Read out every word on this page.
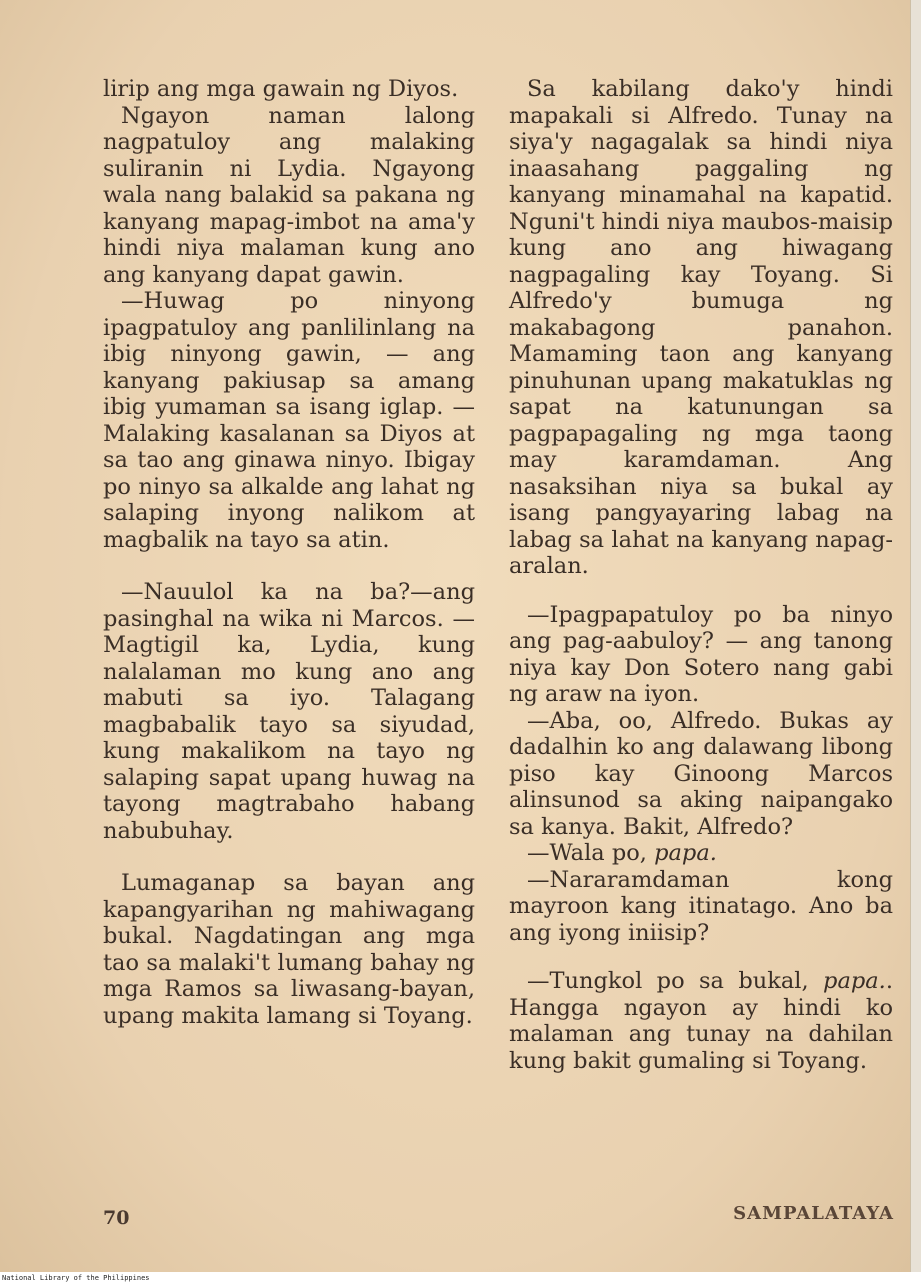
lirip ang mga gawain ng Diyos.

Ngayon naman lalong nagpatuloy ang malaking suliranin ni Lydia. Ngayong wala nang balakid sa pakana ng kanyang mapag-imbot na ama'y hindi niya malaman kung ano ang kanyang dapat gawin.

—Huwag po ninyong ipagpatuloy ang panlilinlang na ibig ninyong gawin, — ang kanyang pakiusap sa amang ibig yumaman sa isang iglap. —Malaking kasalanan sa Diyos at sa tao ang ginawa ninyo. Ibigay po ninyo sa alkalde ang lahat ng salaping inyong nalikom at magbalik na tayo sa atin.

—Nauulol ka na ba?—ang pasinghal na wika ni Marcos. —Magtigil ka, Lydia, kung nalalaman mo kung ano ang mabuti sa iyo. Talagang magbabalik tayo sa siyudad, kung makalikom na tayo ng salaping sapat upang huwag na tayong magtrabaho habang nabubuhay.

Lumaganap sa bayan ang kapangyarihan ng mahiwagang bukal. Nagdatingan ang mga tao sa malaki't lumang bahay ng mga Ramos sa liwasang-bayan, upang makita lamang si Toyang.

Sa kabilang dako'y hindi mapakali si Alfredo. Tunay na siya'y nagagalak sa hindi niya inaasahang paggaling ng kanyang minamahal na kapatid. Nguni't hindi niya maubos-maisip kung ano ang hiwagang nagpagaling kay Toyang. Si Alfredo'y bumuga ng makabagong panahon. Mamaming taon ang kanyang pinuhunan upang makatuklas ng sapat na katunungan sa pagpapagaling ng mga taong may karamdaman. Ang nasaksihan niya sa bukal ay isang pangyayaring labag na labag sa lahat na kanyang napag-aralan.

—Ipagpapatuloy po ba ninyo ang pag-aabuloy? — ang tanong niya kay Don Sotero nang gabi ng araw na iyon.

—Aba, oo, Alfredo. Bukas ay dadalhin ko ang dalawang libong piso kay Ginoong Marcos alinsunod sa aking naipangako sa kanya. Bakit, Alfredo?

—Wala po, papa.

—Nararamdaman kong mayroon kang itinatago. Ano ba ang iyong iniisip?

—Tungkol po sa bukal, papa.. Hangga ngayon ay hindi ko malaman ang tunay na dahilan kung bakit gumaling si Toyang.

70	SAMPALATAYA
National Library of the Philippines
